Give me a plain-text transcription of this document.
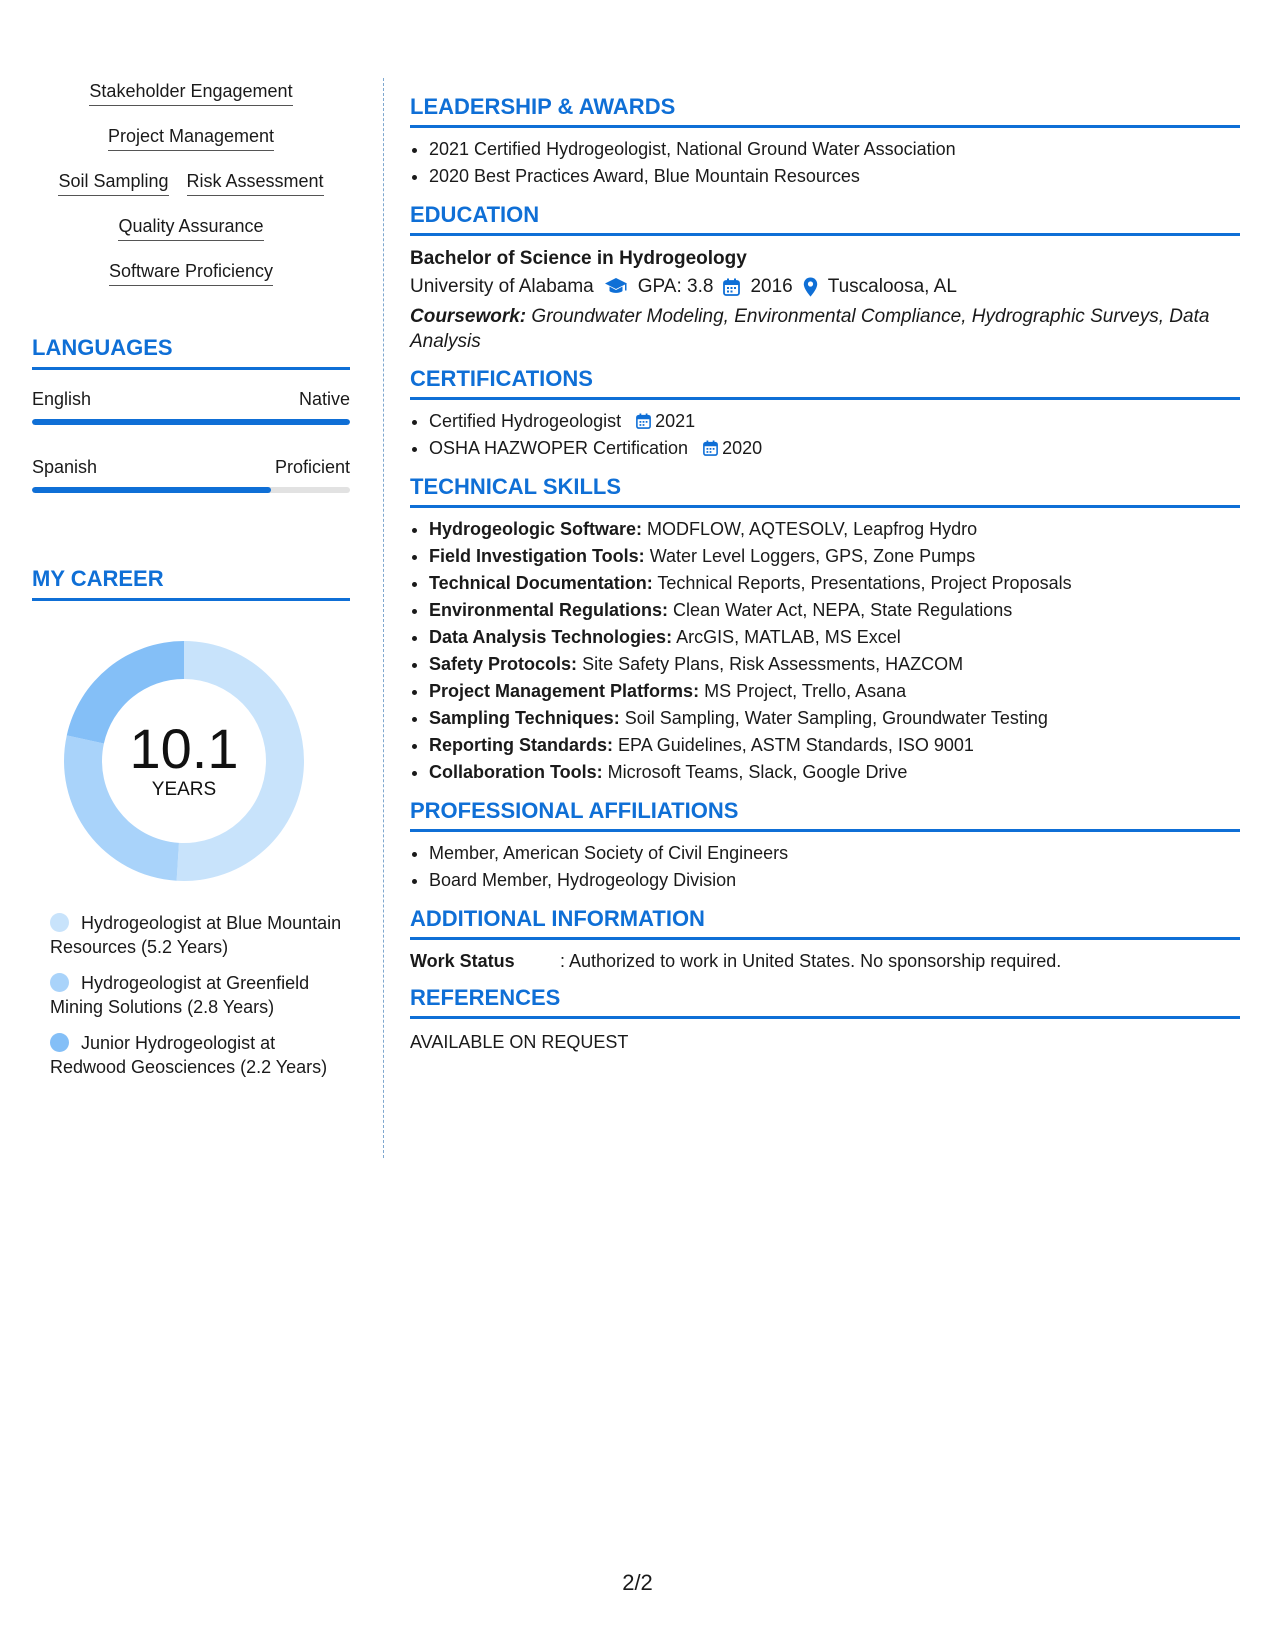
Stakeholder Engagement
Project Management
Soil Sampling Risk Assessment
Quality Assurance
Software Proficiency
LANGUAGES
English	Native
Spanish	Proficient
MY CAREER
10.1
YEARS
Hydrogeologist at Blue Mountain Resources (5.2 Years)
Hydrogeologist at Greenfield Mining Solutions (2.8 Years)
Junior Hydrogeologist at Redwood Geosciences (2.2 Years)
LEADERSHIP & AWARDS
• 2021 Certified Hydrogeologist, National Ground Water Association
• 2020 Best Practices Award, Blue Mountain Resources
EDUCATION
Bachelor of Science in Hydrogeology
University of Alabama GPA: 3.8 2016 Tuscaloosa, AL
Coursework: Groundwater Modeling, Environmental Compliance, Hydrographic Surveys, Data Analysis
CERTIFICATIONS
• Certified Hydrogeologist 2021
• OSHA HAZWOPER Certification 2020
TECHNICAL SKILLS
• Hydrogeologic Software: MODFLOW, AQTESOLV, Leapfrog Hydro
• Field Investigation Tools: Water Level Loggers, GPS, Zone Pumps
• Technical Documentation: Technical Reports, Presentations, Project Proposals
• Environmental Regulations: Clean Water Act, NEPA, State Regulations
• Data Analysis Technologies: ArcGIS, MATLAB, MS Excel
• Safety Protocols: Site Safety Plans, Risk Assessments, HAZCOM
• Project Management Platforms: MS Project, Trello, Asana
• Sampling Techniques: Soil Sampling, Water Sampling, Groundwater Testing
• Reporting Standards: EPA Guidelines, ASTM Standards, ISO 9001
• Collaboration Tools: Microsoft Teams, Slack, Google Drive
PROFESSIONAL AFFILIATIONS
• Member, American Society of Civil Engineers
• Board Member, Hydrogeology Division
ADDITIONAL INFORMATION
Work Status	: Authorized to work in United States. No sponsorship required.
REFERENCES
AVAILABLE ON REQUEST
2/2
